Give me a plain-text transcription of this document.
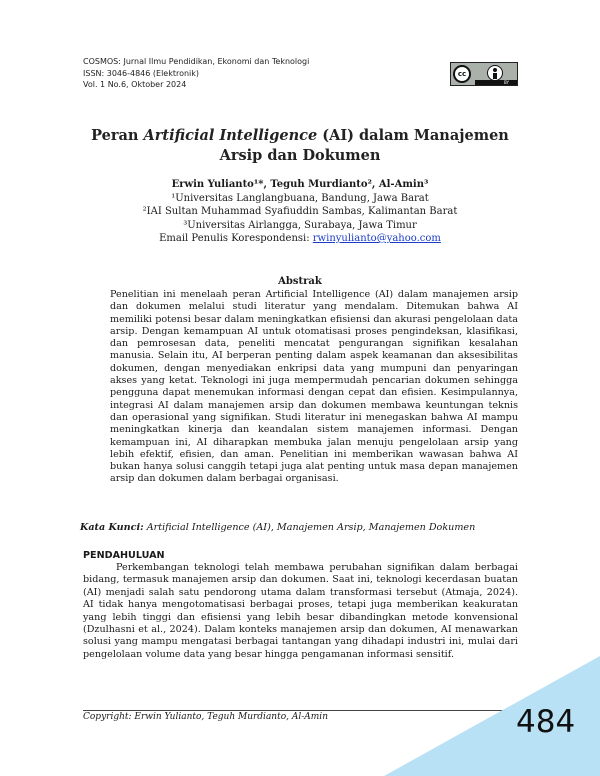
COSMOS: Jurnal Ilmu Pendidikan, Ekonomi dan Teknologi
ISSN: 3046-4846 (Elektronik)
Vol. 1 No.6, Oktober 2024
cc
BY
Peran Artificial Intelligence (AI) dalam Manajemen
Arsip dan Dokumen
Erwin Yulianto¹*, Teguh Murdianto², Al-Amin³
¹Universitas Langlangbuana, Bandung, Jawa Barat
²IAI Sultan Muhammad Syafiuddin Sambas, Kalimantan Barat
³Universitas Airlangga, Surabaya, Jawa Timur
Email Penulis Korespondensi: rwinyulianto@yahoo.com
Abstrak
Penelitian ini menelaah peran Artificial Intelligence (AI) dalam manajemen arsip dan dokumen melalui studi literatur yang mendalam. Ditemukan bahwa AI memiliki potensi besar dalam meningkatkan efisiensi dan akurasi pengelolaan data arsip. Dengan kemampuan AI untuk otomatisasi proses pengindeksan, klasifikasi, dan pemrosesan data, peneliti mencatat pengurangan signifikan kesalahan manusia. Selain itu, AI berperan penting dalam aspek keamanan dan aksesibilitas dokumen, dengan menyediakan enkripsi data yang mumpuni dan penyaringan akses yang ketat. Teknologi ini juga mempermudah pencarian dokumen sehingga pengguna dapat menemukan informasi dengan cepat dan efisien. Kesimpulannya, integrasi AI dalam manajemen arsip dan dokumen membawa keuntungan teknis dan operasional yang signifikan. Studi literatur ini menegaskan bahwa AI mampu meningkatkan kinerja dan keandalan sistem manajemen informasi. Dengan kemampuan ini, AI diharapkan membuka jalan menuju pengelolaan arsip yang lebih efektif, efisien, dan aman. Penelitian ini memberikan wawasan bahwa AI bukan hanya solusi canggih tetapi juga alat penting untuk masa depan manajemen arsip dan dokumen dalam berbagai organisasi.
Kata Kunci: Artificial Intelligence (AI), Manajemen Arsip, Manajemen Dokumen
PENDAHULUAN
Perkembangan teknologi telah membawa perubahan signifikan dalam berbagai bidang, termasuk manajemen arsip dan dokumen. Saat ini, teknologi kecerdasan buatan (AI) menjadi salah satu pendorong utama dalam transformasi tersebut (Atmaja, 2024). AI tidak hanya mengotomatisasi berbagai proses, tetapi juga memberikan keakuratan yang lebih tinggi dan efisiensi yang lebih besar dibandingkan metode konvensional (Dzulhasni et al., 2024). Dalam konteks manajemen arsip dan dokumen, AI menawarkan solusi yang mampu mengatasi berbagai tantangan yang dihadapi industri ini, mulai dari pengelolaan volume data yang besar hingga pengamanan informasi sensitif.
Copyright: Erwin Yulianto, Teguh Murdianto, Al-Amin	484
